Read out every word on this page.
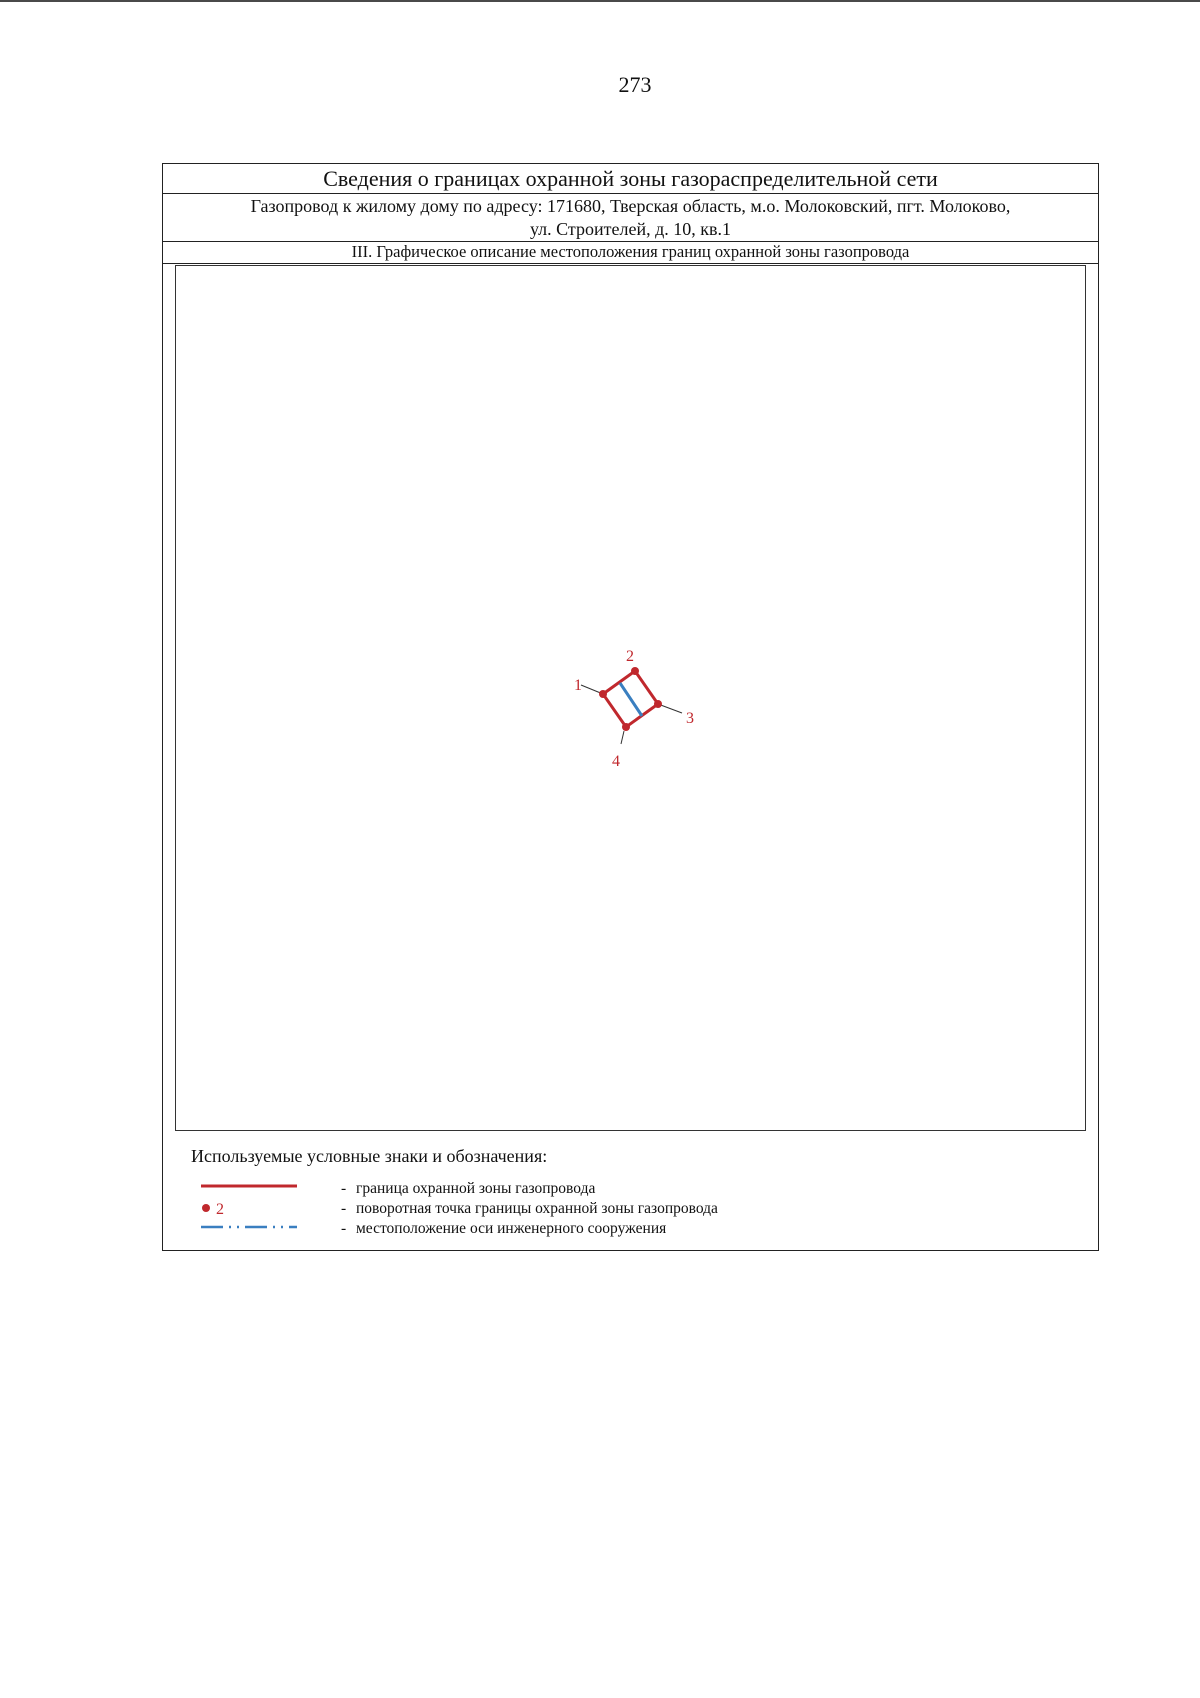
273
Сведения о границах охранной зоны газораспределительной сети
Газопровод к жилому дому по адресу: 171680, Тверская область, м.о. Молоковский, пгт. Молоково,
ул. Строителей, д. 10, кв.1
III. Графическое описание местоположения границ охранной зоны газопровода
1
2
3
4
Используемые условные знаки и обозначения:
- граница охранной зоны газопровода
2	- поворотная точка границы охранной зоны газопровода
- местоположение оси инженерного сооружения
